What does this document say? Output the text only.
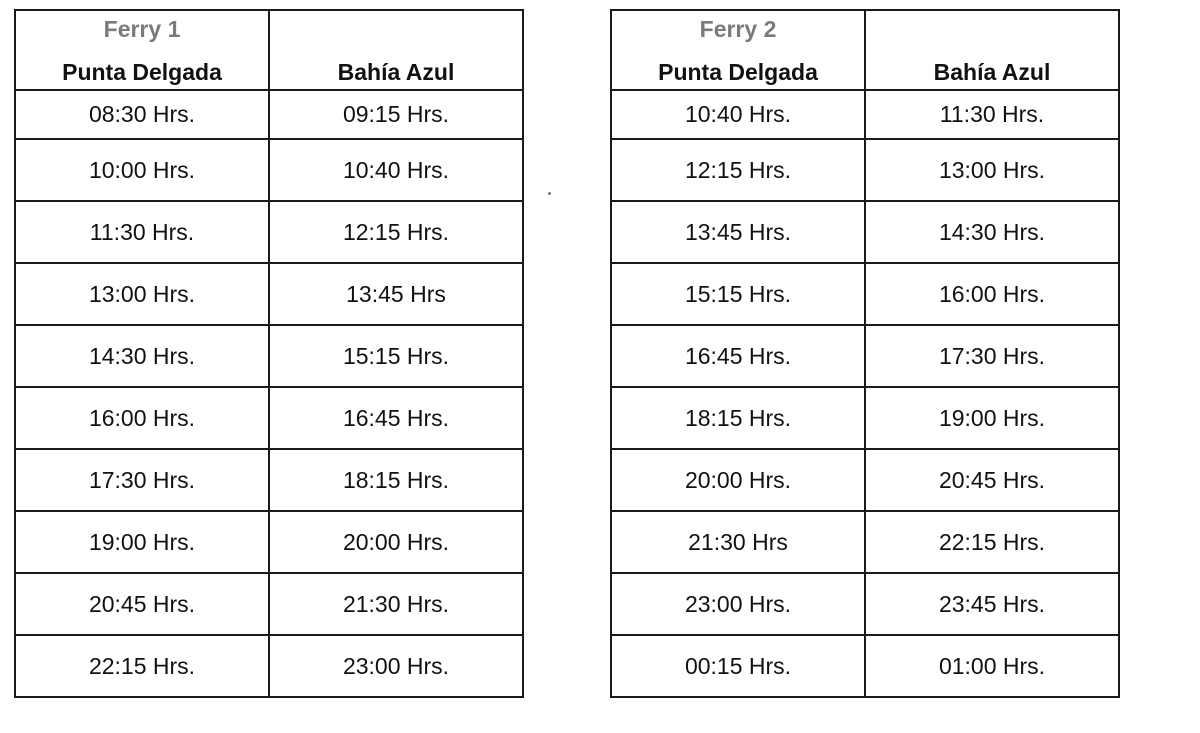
Ferry 1
Punta Delgada	Bahía Azul

08:30 Hrs.	09:15 Hrs.
10:00 Hrs.	10:40 Hrs.
11:30 Hrs.	12:15 Hrs.
13:00 Hrs.	13:45 Hrs
14:30 Hrs.	15:15 Hrs.
16:00 Hrs.	16:45 Hrs.
17:30 Hrs.	18:15 Hrs.
19:00 Hrs.	20:00 Hrs.
20:45 Hrs.	21:30 Hrs.
22:15 Hrs.	23:00 Hrs.
Ferry 2
Punta Delgada	Bahía Azul

10:40 Hrs.	11:30 Hrs.
12:15 Hrs.	13:00 Hrs.
13:45 Hrs.	14:30 Hrs.
15:15 Hrs.	16:00 Hrs.
16:45 Hrs.	17:30 Hrs.
18:15 Hrs.	19:00 Hrs.
20:00 Hrs.	20:45 Hrs.
21:30 Hrs	22:15 Hrs.
23:00 Hrs.	23:45 Hrs.
00:15 Hrs.	01:00 Hrs.
